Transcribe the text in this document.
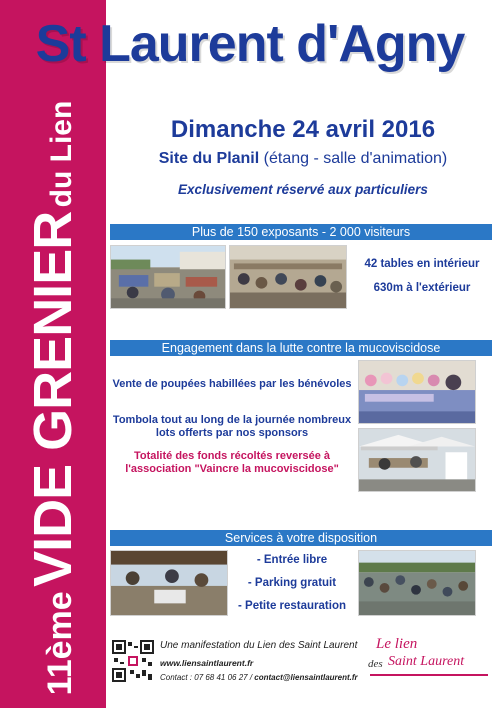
11ème VIDE GRENIER du Lien
St Laurent d'Agny
Dimanche 24 avril 2016
Site du Planil (étang - salle d'animation)
Exclusivement réservé aux particuliers
Plus de 150 exposants - 2 000 visiteurs
42 tables en intérieur
630m à l'extérieur
Engagement dans la lutte contre la mucoviscidose
Vente de poupées habillées par les bénévoles
Tombola tout au long de la journée nombreux lots offerts par nos sponsors
Totalité des fonds récoltés reversée à l'association "Vaincre la mucoviscidose"
Services à votre disposition
- Entrée libre
- Parking gratuit
- Petite restauration
Une manifestation du Lien des Saint Laurent
www.liensaintlaurent.fr
Contact : 07 68 41 06 27 / contact@liensaintlaurent.fr
Le lien
des Saint Laurent
